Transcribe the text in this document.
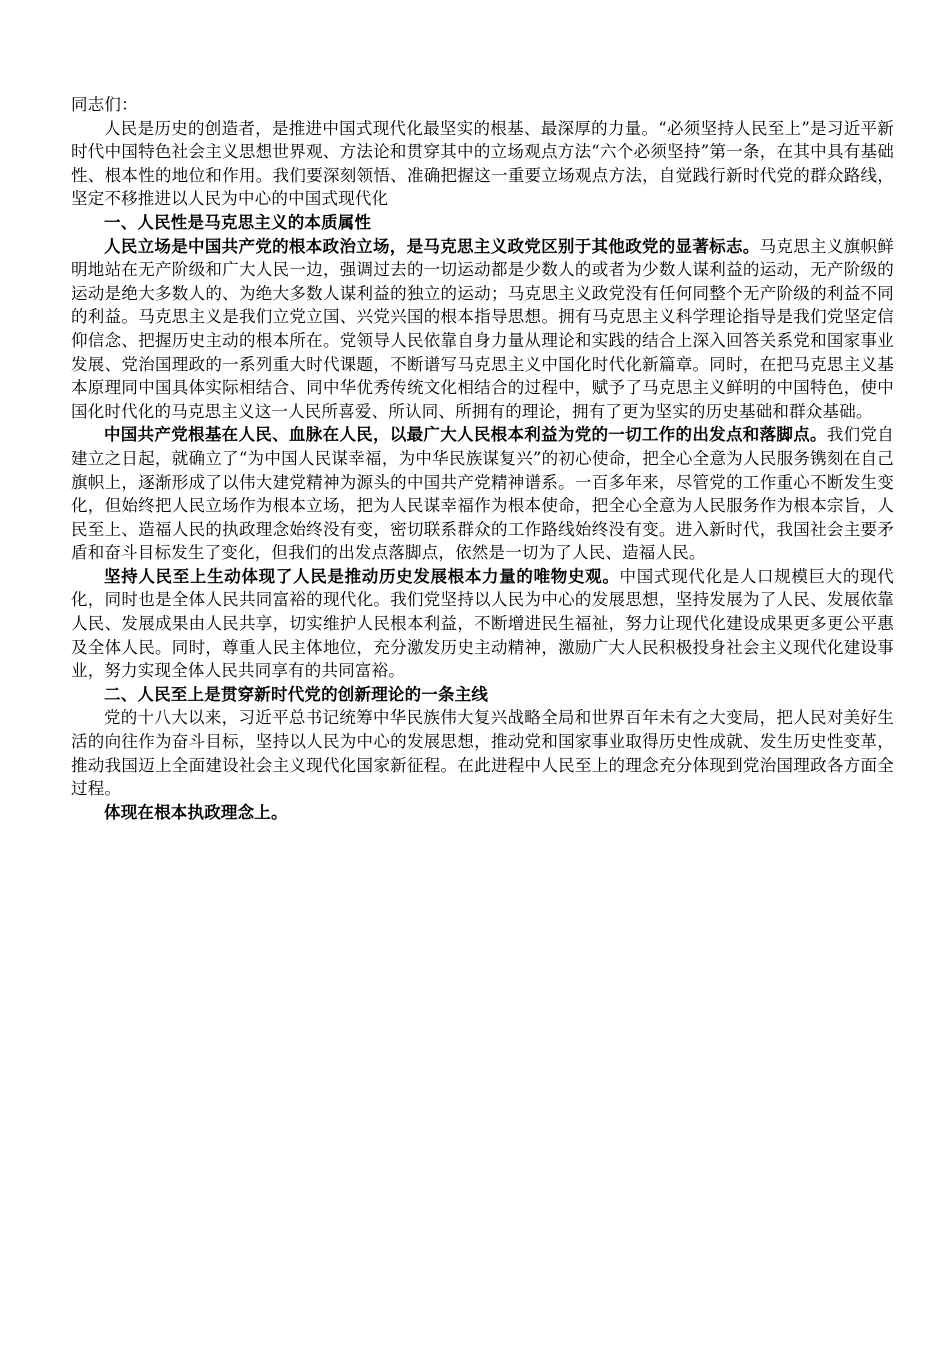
同志们：

人民是历史的创造者，是推进中国式现代化最坚实的根基、最深厚的力量。“必须坚持人民至上”是习近平新时代中国特色社会主义思想世界观、方法论和贯穿其中的立场观点方法“六个必须坚持”第一条，在其中具有基础性、根本性的地位和作用。我们要深刻领悟、准确把握这一重要立场观点方法，自觉践行新时代党的群众路线，坚定不移推进以人民为中心的中国式现代化

一、人民性是马克思主义的本质属性

人民立场是中国共产党的根本政治立场，是马克思主义政党区别于其他政党的显著标志。马克思主义旗帜鲜明地站在无产阶级和广大人民一边，强调过去的一切运动都是少数人的或者为少数人谋利益的运动，无产阶级的运动是绝大多数人的、为绝大多数人谋利益的独立的运动；马克思主义政党没有任何同整个无产阶级的利益不同的利益。马克思主义是我们立党立国、兴党兴国的根本指导思想。拥有马克思主义科学理论指导是我们党坚定信仰信念、把握历史主动的根本所在。党领导人民依靠自身力量从理论和实践的结合上深入回答关系党和国家事业发展、党治国理政的一系列重大时代课题，不断谱写马克思主义中国化时代化新篇章。同时，在把马克思主义基本原理同中国具体实际相结合、同中华优秀传统文化相结合的过程中，赋予了马克思主义鲜明的中国特色，使中国化时代化的马克思主义这一人民所喜爱、所认同、所拥有的理论，拥有了更为坚实的历史基础和群众基础。

中国共产党根基在人民、血脉在人民，以最广大人民根本利益为党的一切工作的出发点和落脚点。我们党自建立之日起，就确立了“为中国人民谋幸福，为中华民族谋复兴”的初心使命，把全心全意为人民服务镌刻在自己旗帜上，逐渐形成了以伟大建党精神为源头的中国共产党精神谱系。一百多年来，尽管党的工作重心不断发生变化，但始终把人民立场作为根本立场，把为人民谋幸福作为根本使命，把全心全意为人民服务作为根本宗旨，人民至上、造福人民的执政理念始终没有变，密切联系群众的工作路线始终没有变。进入新时代，我国社会主要矛盾和奋斗目标发生了变化，但我们的出发点落脚点，依然是一切为了人民、造福人民。

坚持人民至上生动体现了人民是推动历史发展根本力量的唯物史观。中国式现代化是人口规模巨大的现代化，同时也是全体人民共同富裕的现代化。我们党坚持以人民为中心的发展思想，坚持发展为了人民、发展依靠人民、发展成果由人民共享，切实维护人民根本利益，不断增进民生福祉，努力让现代化建设成果更多更公平惠及全体人民。同时，尊重人民主体地位，充分激发历史主动精神，激励广大人民积极投身社会主义现代化建设事业，努力实现全体人民共同享有的共同富裕。

二、人民至上是贯穿新时代党的创新理论的一条主线

党的十八大以来，习近平总书记统筹中华民族伟大复兴战略全局和世界百年未有之大变局，把人民对美好生活的向往作为奋斗目标，坚持以人民为中心的发展思想，推动党和国家事业取得历史性成就、发生历史性变革，推动我国迈上全面建设社会主义现代化国家新征程。在此进程中人民至上的理念充分体现到党治国理政各方面全过程。

体现在根本执政理念上。
